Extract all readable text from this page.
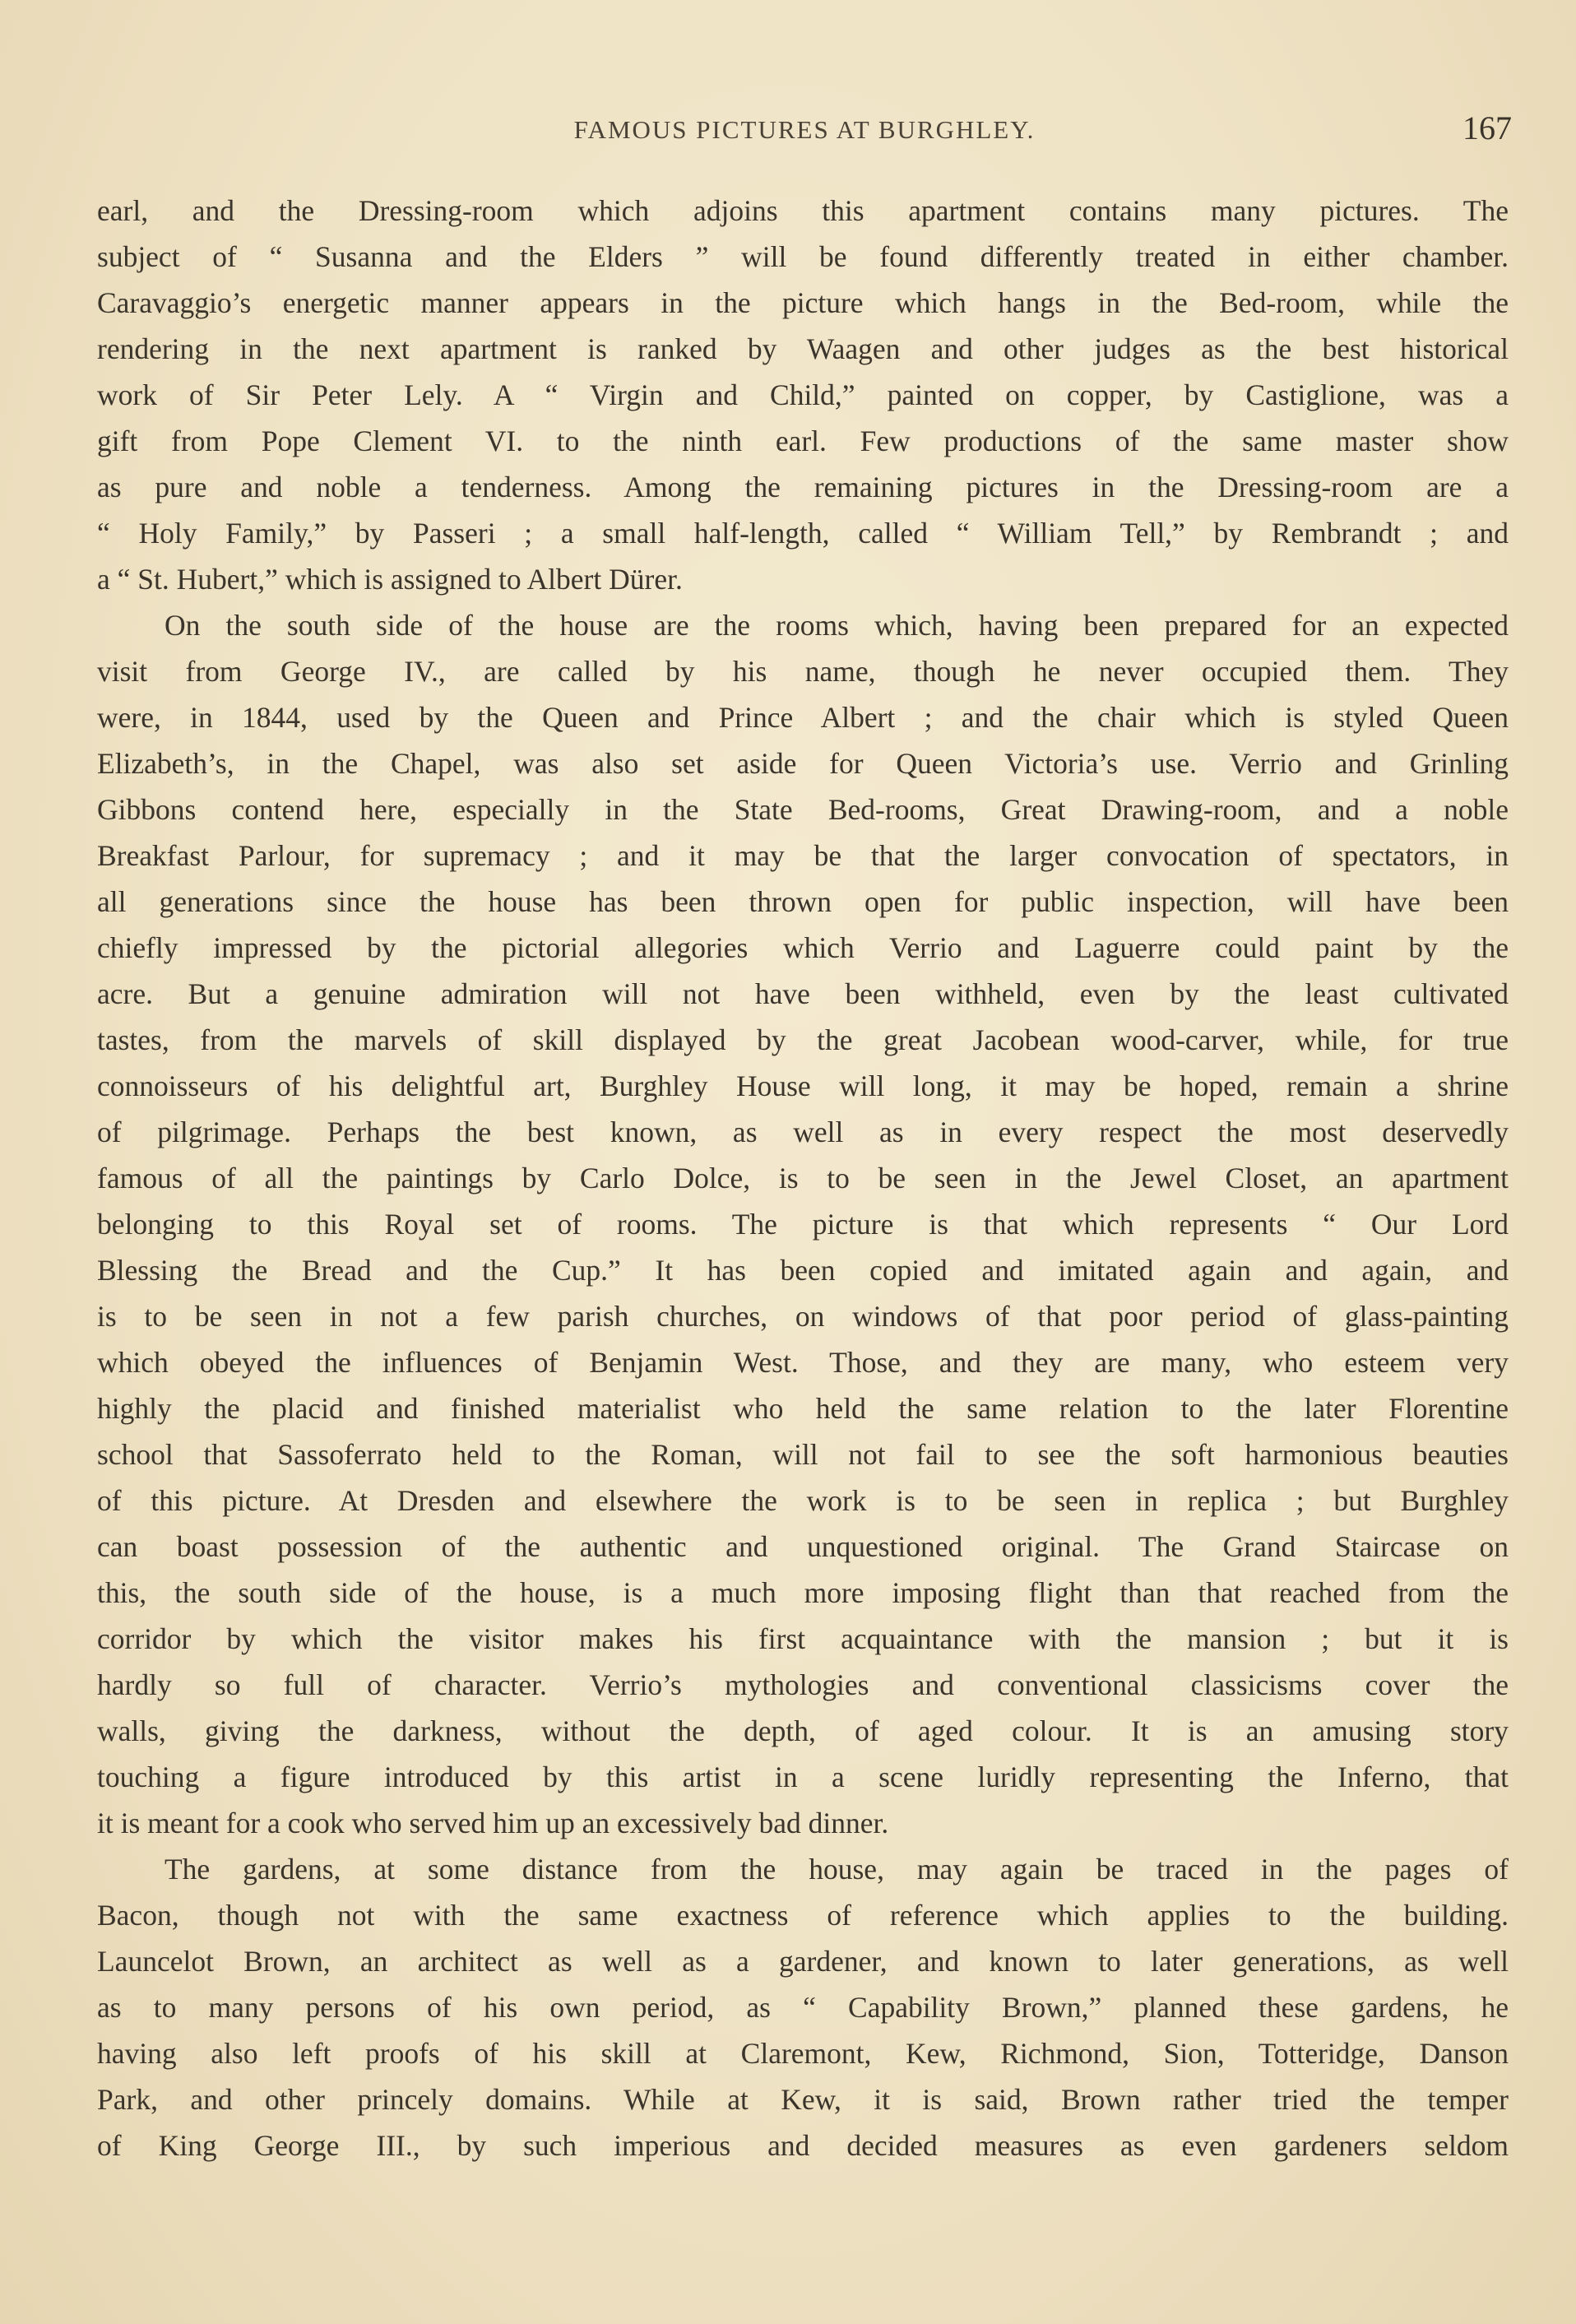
FAMOUS PICTURES AT BURGHLEY.	167
earl, and the Dressing-room which adjoins this apartment contains many pictures. The
subject of “ Susanna and the Elders ” will be found differently treated in either chamber.
Caravaggio’s energetic manner appears in the picture which hangs in the Bed-room, while the
rendering in the next apartment is ranked by Waagen and other judges as the best historical
work of Sir Peter Lely. A “ Virgin and Child,” painted on copper, by Castiglione, was a
gift from Pope Clement VI. to the ninth earl. Few productions of the same master show
as pure and noble a tenderness. Among the remaining pictures in the Dressing-room are a
“ Holy Family,” by Passeri ; a small half-length, called “ William Tell,” by Rembrandt ; and
a “ St. Hubert,” which is assigned to Albert Dürer.
On the south side of the house are the rooms which, having been prepared for an expected
visit from George IV., are called by his name, though he never occupied them. They
were, in 1844, used by the Queen and Prince Albert ; and the chair which is styled Queen
Elizabeth’s, in the Chapel, was also set aside for Queen Victoria’s use. Verrio and Grinling
Gibbons contend here, especially in the State Bed-rooms, Great Drawing-room, and a noble
Breakfast Parlour, for supremacy ; and it may be that the larger convocation of spectators, in
all generations since the house has been thrown open for public inspection, will have been
chiefly impressed by the pictorial allegories which Verrio and Laguerre could paint by the
acre. But a genuine admiration will not have been withheld, even by the least cultivated
tastes, from the marvels of skill displayed by the great Jacobean wood-carver, while, for true
connoisseurs of his delightful art, Burghley House will long, it may be hoped, remain a shrine
of pilgrimage. Perhaps the best known, as well as in every respect the most deservedly
famous of all the paintings by Carlo Dolce, is to be seen in the Jewel Closet, an apartment
belonging to this Royal set of rooms. The picture is that which represents “ Our Lord
Blessing the Bread and the Cup.” It has been copied and imitated again and again, and
is to be seen in not a few parish churches, on windows of that poor period of glass-painting
which obeyed the influences of Benjamin West. Those, and they are many, who esteem very
highly the placid and finished materialist who held the same relation to the later Florentine
school that Sassoferrato held to the Roman, will not fail to see the soft harmonious beauties
of this picture. At Dresden and elsewhere the work is to be seen in replica ; but Burghley
can boast possession of the authentic and unquestioned original. The Grand Staircase on
this, the south side of the house, is a much more imposing flight than that reached from the
corridor by which the visitor makes his first acquaintance with the mansion ; but it is
hardly so full of character. Verrio’s mythologies and conventional classicisms cover the
walls, giving the darkness, without the depth, of aged colour. It is an amusing story
touching a figure introduced by this artist in a scene luridly representing the Inferno, that
it is meant for a cook who served him up an excessively bad dinner.
The gardens, at some distance from the house, may again be traced in the pages of
Bacon, though not with the same exactness of reference which applies to the building.
Launcelot Brown, an architect as well as a gardener, and known to later generations, as well
as to many persons of his own period, as “ Capability Brown,” planned these gardens, he
having also left proofs of his skill at Claremont, Kew, Richmond, Sion, Totteridge, Danson
Park, and other princely domains. While at Kew, it is said, Brown rather tried the temper
of King George III., by such imperious and decided measures as even gardeners seldom
